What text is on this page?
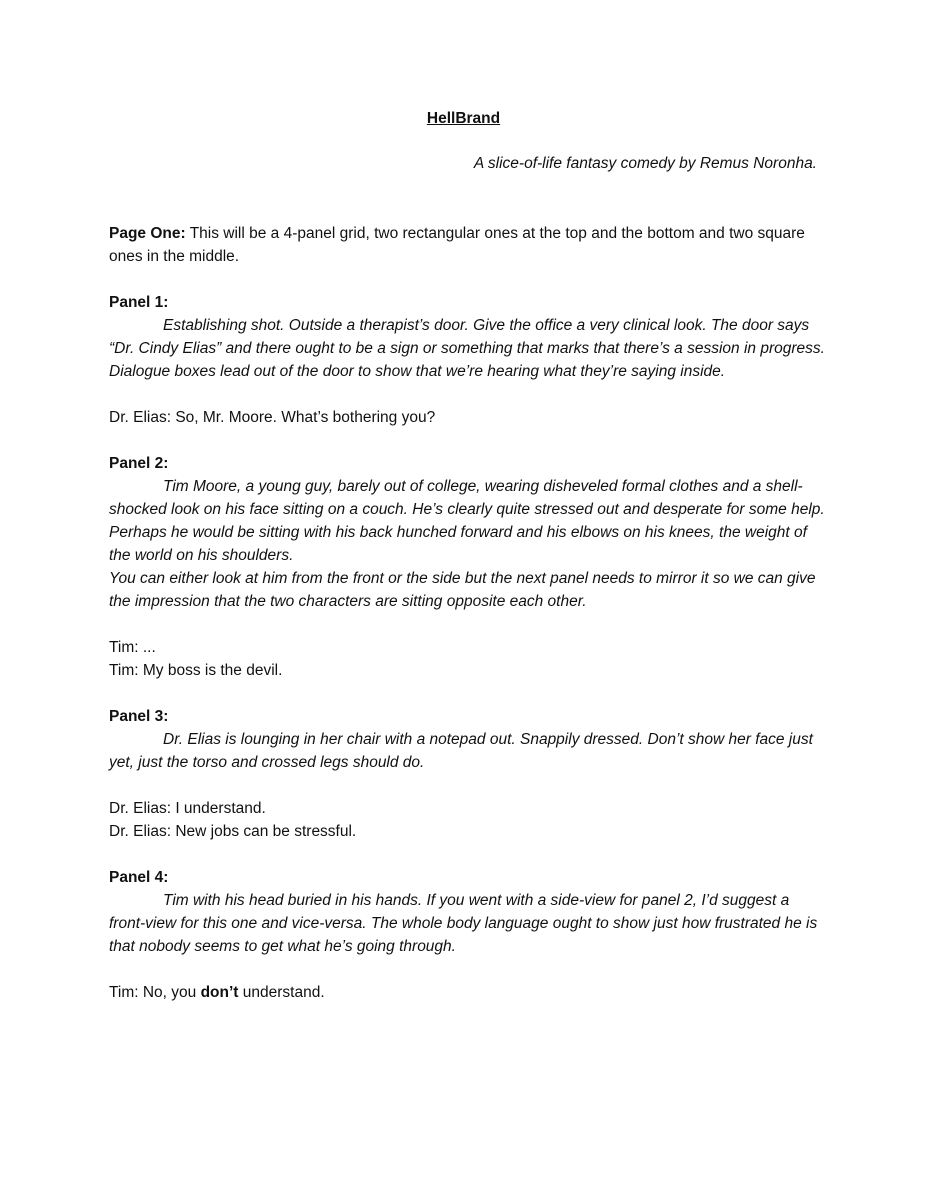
HellBrand
A slice-of-life fantasy comedy by Remus Noronha.

Page One: This will be a 4-panel grid, two rectangular ones at the top and the bottom and two square ones in the middle.

Panel 1:

Establishing shot. Outside a therapist’s door. Give the office a very clinical look. The door says “Dr. Cindy Elias” and there ought to be a sign or something that marks that there’s a session in progress. Dialogue boxes lead out of the door to show that we’re hearing what they’re saying inside.

Dr. Elias: So, Mr. Moore. What’s bothering you?

Panel 2:

Tim Moore, a young guy, barely out of college, wearing disheveled formal clothes and a shell-shocked look on his face sitting on a couch. He’s clearly quite stressed out and desperate for some help. Perhaps he would be sitting with his back hunched forward and his elbows on his knees, the weight of the world on his shoulders.

You can either look at him from the front or the side but the next panel needs to mirror it so we can give the impression that the two characters are sitting opposite each other.

Tim: ...

Tim: My boss is the devil.

Panel 3:

Dr. Elias is lounging in her chair with a notepad out. Snappily dressed. Don’t show her face just yet, just the torso and crossed legs should do.

Dr. Elias: I understand.

Dr. Elias: New jobs can be stressful.

Panel 4:

Tim with his head buried in his hands. If you went with a side-view for panel 2, I’d suggest a front-view for this one and vice-versa. The whole body language ought to show just how frustrated he is that nobody seems to get what he’s going through.

Tim: No, you don’t understand.
